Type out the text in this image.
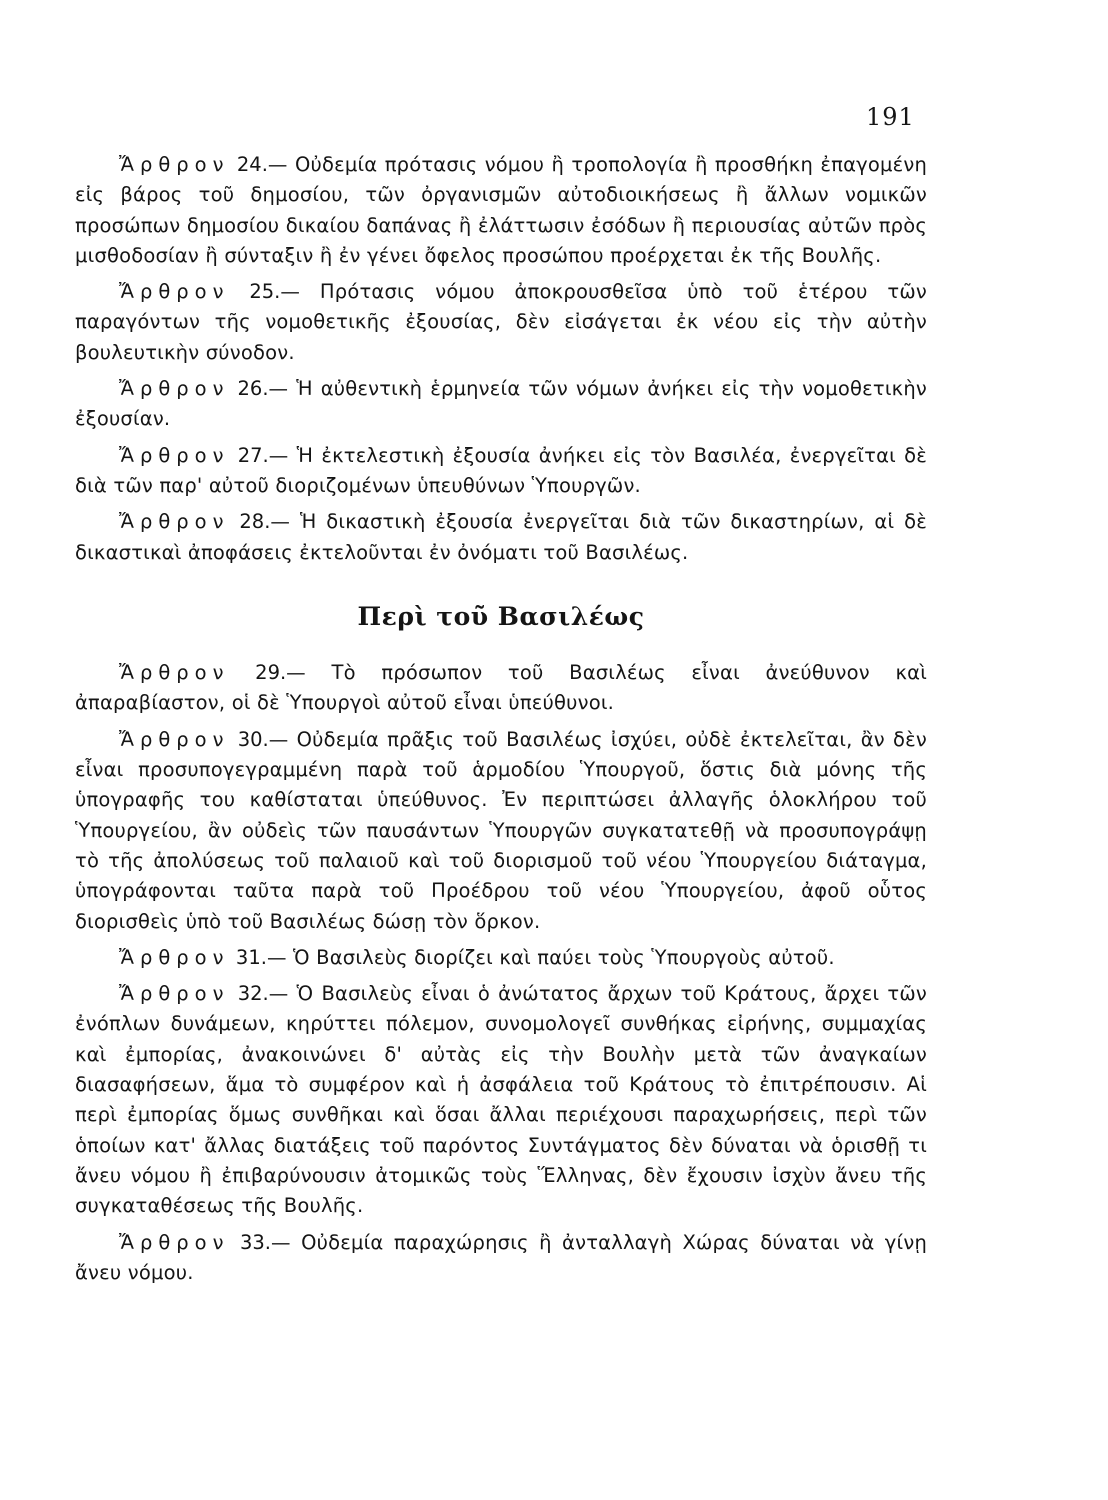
191

Ἄρθρον 24.— Οὐδεμία πρότασις νόμου ἢ τροπολογία ἢ προσθήκη ἐπαγομένη εἰς βάρος τοῦ δημοσίου, τῶν ὀργανισμῶν αὐτοδιοικήσεως ἢ ἄλλων νομικῶν προσώπων δημοσίου δικαίου δαπάνας ἢ ἐλάττωσιν ἐσόδων ἢ περιουσίας αὐτῶν πρὸς μισθοδοσίαν ἢ σύνταξιν ἢ ἐν γένει ὄφελος προσώπου προέρχεται ἐκ τῆς Βουλῆς.

Ἄρθρον 25.— Πρότασις νόμου ἀποκρουσθεῖσα ὑπὸ τοῦ ἑτέρου τῶν παραγόντων τῆς νομοθετικῆς ἐξουσίας, δὲν εἰσάγεται ἐκ νέου εἰς τὴν αὐτὴν βουλευτικὴν σύνοδον.

Ἄρθρον 26.— Ἡ αὐθεντικὴ ἑρμηνεία τῶν νόμων ἀνήκει εἰς τὴν νομοθετικὴν ἐξουσίαν.

Ἄρθρον 27.— Ἡ ἐκτελεστικὴ ἐξουσία ἀνήκει εἰς τὸν Βασιλέα, ἐνεργεῖται δὲ διὰ τῶν παρ' αὐτοῦ διοριζομένων ὑπευθύνων Ὑπουργῶν.

Ἄρθρον 28.— Ἡ δικαστικὴ ἐξουσία ἐνεργεῖται διὰ τῶν δικαστηρίων, αἱ δὲ δικαστικαὶ ἀποφάσεις ἐκτελοῦνται ἐν ὀνόματι τοῦ Βασιλέως.

Περὶ τοῦ Βασιλέως

Ἄρθρον 29.— Τὸ πρόσωπον τοῦ Βασιλέως εἶναι ἀνεύθυνον καὶ ἀπαραβίαστον, οἱ δὲ Ὑπουργοὶ αὐτοῦ εἶναι ὑπεύθυνοι.

Ἄρθρον 30.— Οὐδεμία πρᾶξις τοῦ Βασιλέως ἰσχύει, οὐδὲ ἐκτελεῖται, ἂν δὲν εἶναι προσυπογεγραμμένη παρὰ τοῦ ἁρμοδίου Ὑπουργοῦ, ὅστις διὰ μόνης τῆς ὑπογραφῆς του καθίσταται ὑπεύθυνος. Ἐν περιπτώσει ἀλλαγῆς ὁλοκλήρου τοῦ Ὑπουργείου, ἂν οὐδεὶς τῶν παυσάντων Ὑπουργῶν συγκατατεθῇ νὰ προσυπογράψῃ τὸ τῆς ἀπολύσεως τοῦ παλαιοῦ καὶ τοῦ διορισμοῦ τοῦ νέου Ὑπουργείου διάταγμα, ὑπογράφονται ταῦτα παρὰ τοῦ Προέδρου τοῦ νέου Ὑπουργείου, ἀφοῦ οὗτος διορισθεὶς ὑπὸ τοῦ Βασιλέως δώσῃ τὸν ὅρκον.

Ἄρθρον 31.— Ὁ Βασιλεὺς διορίζει καὶ παύει τοὺς Ὑπουργοὺς αὐτοῦ.

Ἄρθρον 32.— Ὁ Βασιλεὺς εἶναι ὁ ἀνώτατος ἄρχων τοῦ Κράτους, ἄρχει τῶν ἐνόπλων δυνάμεων, κηρύττει πόλεμον, συνομολογεῖ συνθήκας εἰρήνης, συμμαχίας καὶ ἐμπορίας, ἀνακοινώνει δ' αὐτὰς εἰς τὴν Βουλὴν μετὰ τῶν ἀναγκαίων διασαφήσεων, ἅμα τὸ συμφέρον καὶ ἡ ἀσφάλεια τοῦ Κράτους τὸ ἐπιτρέπουσιν. Αἱ περὶ ἐμπορίας ὅμως συνθῆκαι καὶ ὅσαι ἄλλαι περιέχουσι παραχωρήσεις, περὶ τῶν ὁποίων κατ' ἄλλας διατάξεις τοῦ παρόντος Συντάγματος δὲν δύναται νὰ ὁρισθῇ τι ἄνευ νόμου ἢ ἐπιβαρύνουσιν ἀτομικῶς τοὺς Ἕλληνας, δὲν ἔχουσιν ἰσχὺν ἄνευ τῆς συγκαταθέσεως τῆς Βουλῆς.

Ἄρθρον 33.— Οὐδεμία παραχώρησις ἢ ἀνταλλαγὴ Χώρας δύναται νὰ γίνῃ ἄνευ νόμου.
